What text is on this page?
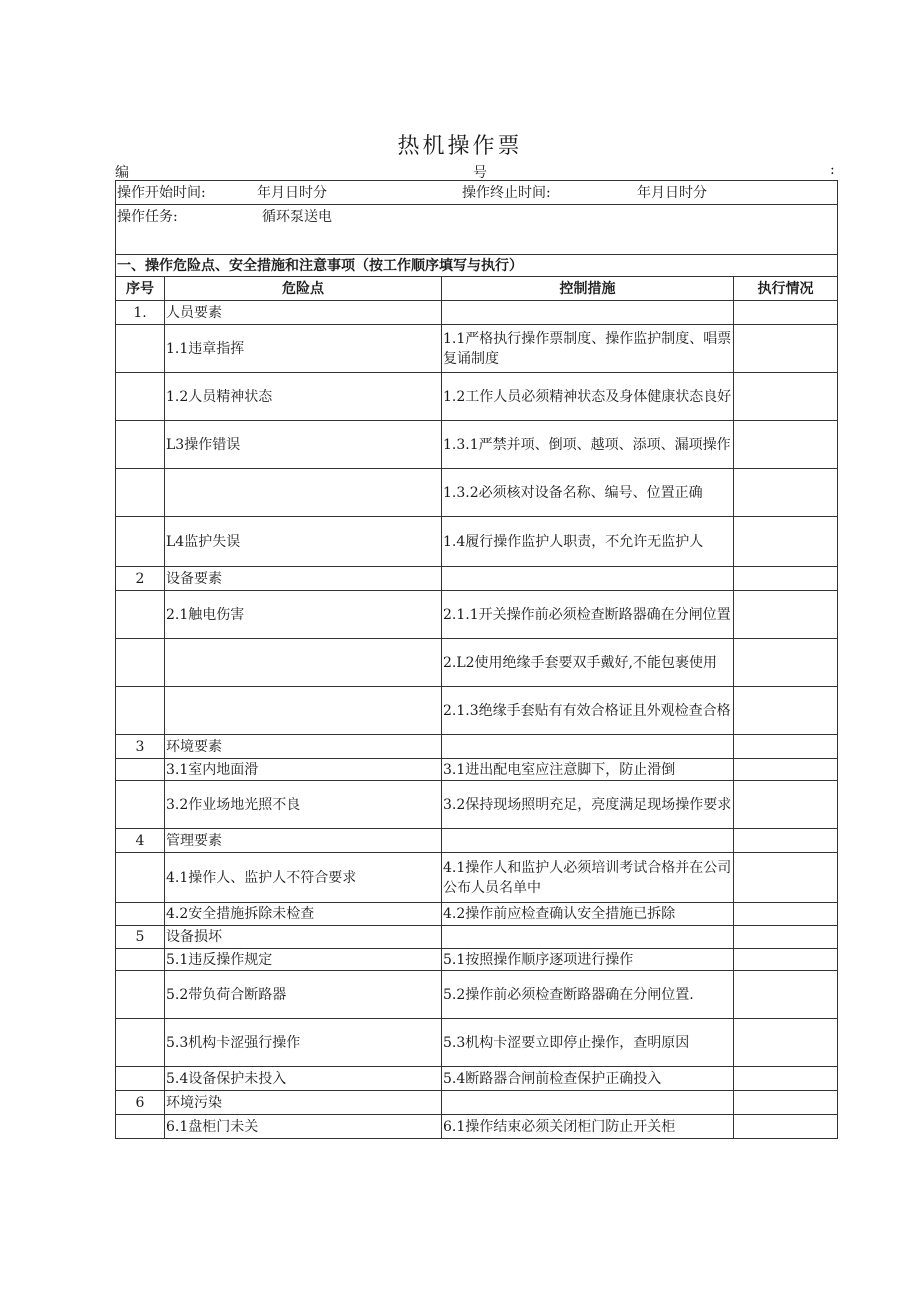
热机操作票
编	号	:
操作开始时间: 年月日时分 操作终止时间: 年月日时分			
操作任务: 循环泵送电			
一、操作危险点、安全措施和注意事项（按工作顺序填写与执行）			
序号	危险点	控制措施	执行情况
1.	人员要素		
	1.1违章指挥	1.1严格执行操作票制度、操作监护制度、唱票复诵制度	
	1.2人员精神状态	1.2工作人员必须精神状态及身体健康状态良好	
	L3操作错误	1.3.1严禁并项、倒项、越项、添项、漏项操作	
		1.3.2必须核对设备名称、编号、位置正确	
	L4监护失误	1.4履行操作监护人职责，不允许无监护人	
2	设备要素		
	2.1触电伤害	2.1.1开关操作前必须检查断路器确在分闸位置	
		2.L2使用绝缘手套要双手戴好,不能包裹使用	
		2.1.3绝缘手套贴有有效合格证且外观检查合格	
3	环境要素		
	3.1室内地面滑	3.1进出配电室应注意脚下，防止滑倒	
	3.2作业场地光照不良	3.2保持现场照明充足，亮度满足现场操作要求	
4	管理要素		
	4.1操作人、监护人不符合要求	4.1操作人和监护人必须培训考试合格并在公司公布人员名单中	
	4.2安全措施拆除未检查	4.2操作前应检查确认安全措施已拆除	
5	设备损坏		
	5.1违反操作规定	5.1按照操作顺序逐项进行操作	
	5.2带负荷合断路器	5.2操作前必须检查断路器确在分闸位置.	
	5.3机构卡涩强行操作	5.3机构卡涩要立即停止操作，查明原因	
	5.4设备保护未投入	5.4断路器合闸前检查保护正确投入	
6	环境污染		
	6.1盘柜门未关	6.1操作结束必须关闭柜门防止开关柜	
